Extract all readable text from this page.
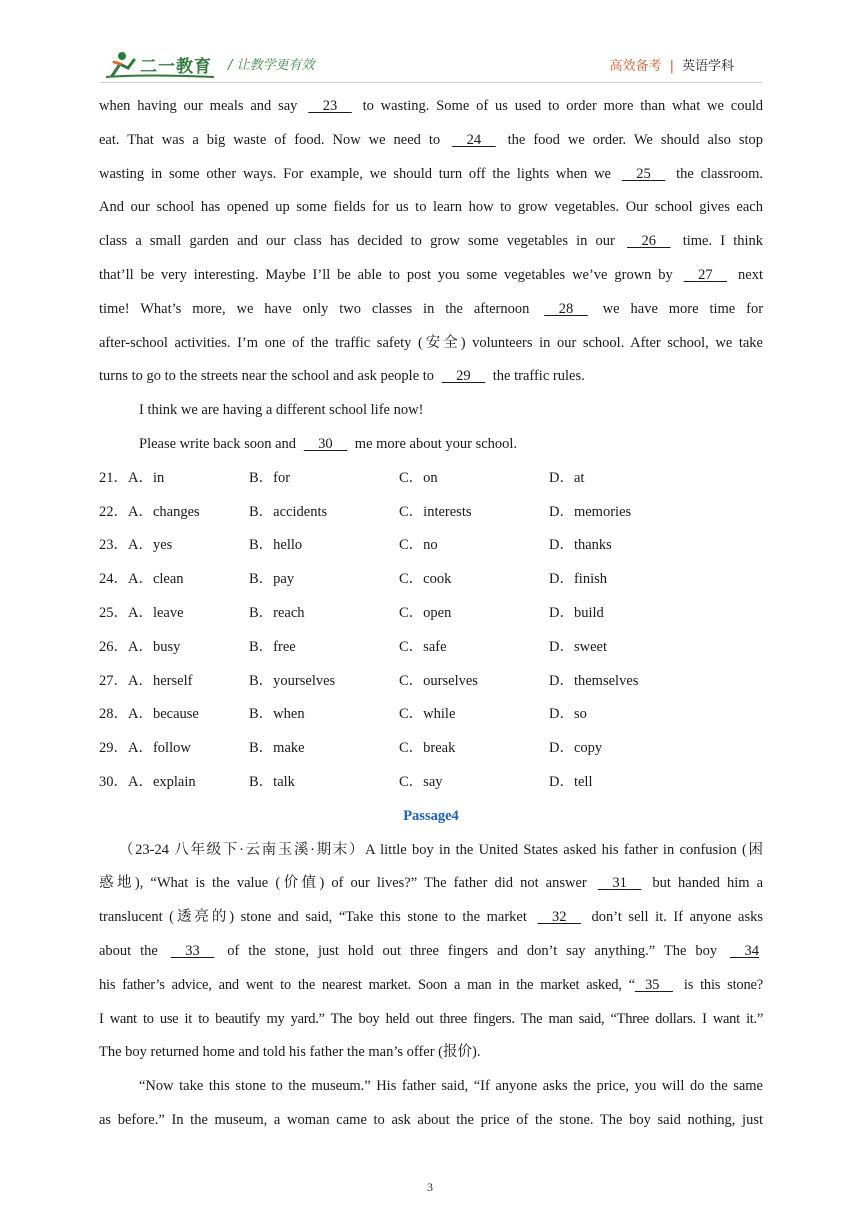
二一教育 / 让教学更有效	高效备考 | 英语学科
when having our meals and say 23 to wasting. Some of us used to order more than what we could
eat. That was a big waste of food. Now we need to 24 the food we order. We should also stop
wasting in some other ways. For example, we should turn off the lights when we 25 the classroom.
And our school has opened up some fields for us to learn how to grow vegetables. Our school gives each
class a small garden and our class has decided to grow some vegetables in our 26 time. I think
that’ll be very interesting. Maybe I’ll be able to post you some vegetables we’ve grown by 27 next
time! What’s more, we have only two classes in the afternoon 28 we have more time for
after-school activities. I’m one of the traffic safety (安全) volunteers in our school. After school, we take
turns to go to the streets near the school and ask people to 29 the traffic rules.
I think we are having a different school life now!
Please write back soon and 30 me more about your school.
21．A．in	B．for	C．on	D．at
22．A．changes	B．accidents	C．interests	D．memories
23．A．yes	B．hello	C．no	D．thanks
24．A．clean	B．pay	C．cook	D．finish
25．A．leave	B．reach	C．open	D．build
26．A．busy	B．free	C．safe	D．sweet
27．A．herself	B．yourselves	C．ourselves	D．themselves
28．A．because	B．when	C．while	D．so
29．A．follow	B．make	C．break	D．copy
30．A．explain	B．talk	C．say	D．tell
Passage4
（23-24 八年级下·云南玉溪·期末）A little boy in the United States asked his father in confusion (困
惑地), “What is the value (价值) of our lives?” The father did not answer 31 but handed him a
translucent (透亮的) stone and said, “Take this stone to the market 32 don’t sell it. If anyone asks
about the 33 of the stone, just hold out three fingers and don’t say anything.” The boy 34
his father’s advice, and went to the nearest market. Soon a man in the market asked, “ 35 is this stone?
I want to use it to beautify my yard.” The boy held out three fingers. The man said, “Three dollars. I want it.”
The boy returned home and told his father the man’s offer (报价).
“Now take this stone to the museum.” His father said, “If anyone asks the price, you will do the same
as before.” In the museum, a woman came to ask about the price of the stone. The boy said nothing, just
3
